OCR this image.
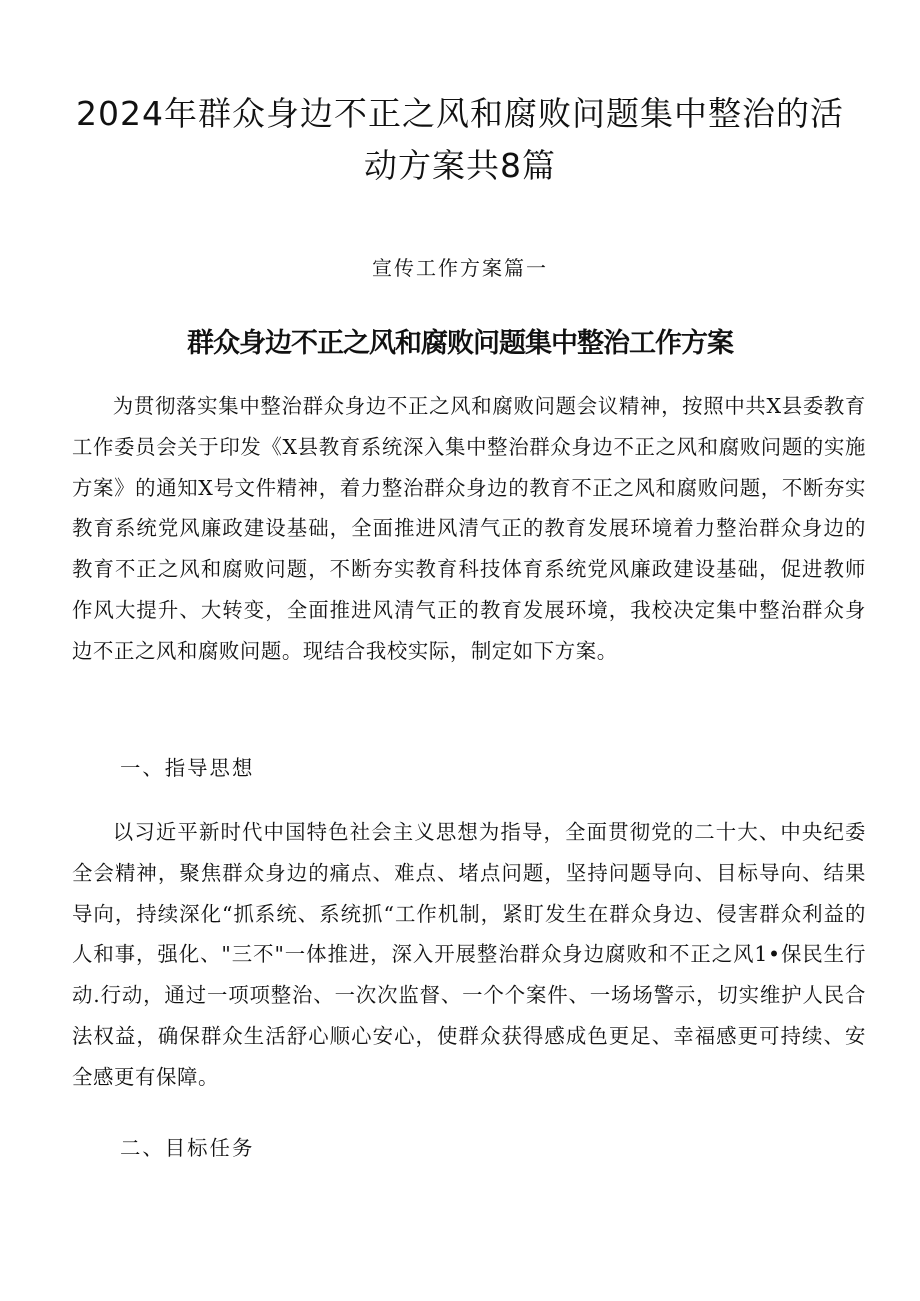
2024年群众身边不正之风和腐败问题集中整治的活动方案共8篇
宣传工作方案篇一
群众身边不正之风和腐败问题集中整治工作方案

为贯彻落实集中整治群众身边不正之风和腐败问题会议精神，按照中共X县委教育工作委员会关于印发《X县教育系统深入集中整治群众身边不正之风和腐败问题的实施方案》的通知X号文件精神，着力整治群众身边的教育不正之风和腐败问题，不断夯实教育系统党风廉政建设基础，全面推进风清气正的教育发展环境着力整治群众身边的教育不正之风和腐败问题，不断夯实教育科技体育系统党风廉政建设基础，促进教师作风大提升、大转变，全面推进风清气正的教育发展环境，我校决定集中整治群众身边不正之风和腐败问题。现结合我校实际，制定如下方案。

一、指导思想

以习近平新时代中国特色社会主义思想为指导，全面贯彻党的二十大、中央纪委全会精神，聚焦群众身边的痛点、难点、堵点问题，坚持问题导向、目标导向、结果导向，持续深化“抓系统、系统抓“工作机制，紧盯发生在群众身边、侵害群众利益的人和事，强化、"三不"一体推进，深入开展整治群众身边腐败和不正之风1•保民生行动.行动，通过一项项整治、一次次监督、一个个案件、一场场警示，切实维护人民合法权益，确保群众生活舒心顺心安心，使群众获得感成色更足、幸福感更可持续、安全感更有保障。

二、目标任务
